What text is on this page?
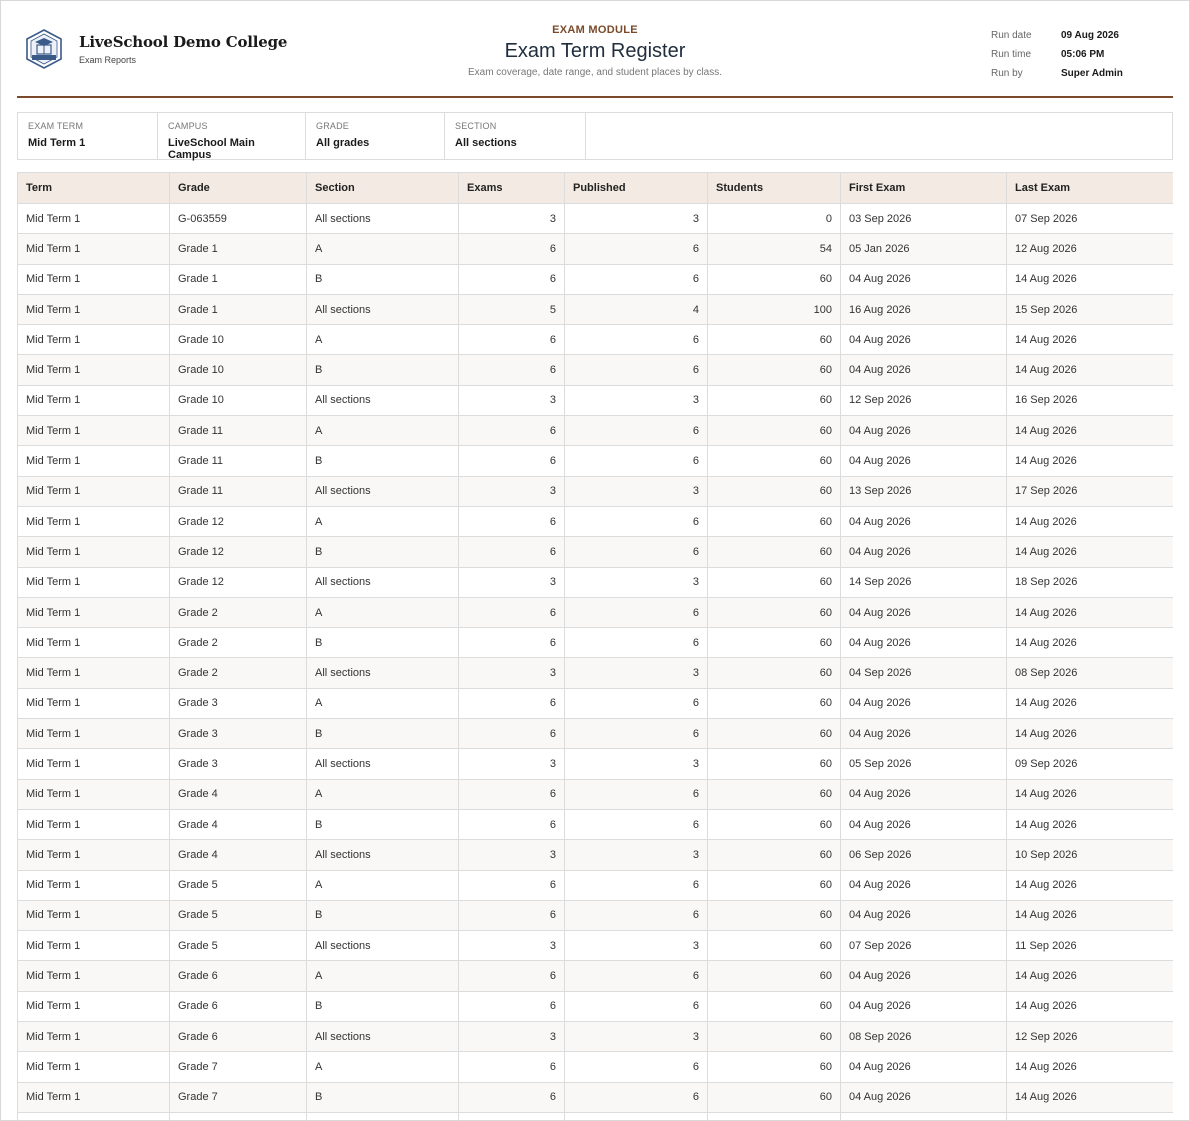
LiveSchool Demo College
Exam Reports
EXAM MODULE
Exam Term Register
Exam coverage, date range, and student places by class.
Run date	09 Aug 2026
Run time	05:06 PM
Run by	Super Admin
EXAM TERM
Mid Term 1
CAMPUS
LiveSchool Main Campus
GRADE
All grades
SECTION
All sections
Term	Grade	Section	Exams	Published	Students	First Exam	Last Exam
Mid Term 1	G-063559	All sections	3	3	0	03 Sep 2026	07 Sep 2026
Mid Term 1	Grade 1	A	6	6	54	05 Jan 2026	12 Aug 2026
Mid Term 1	Grade 1	B	6	6	60	04 Aug 2026	14 Aug 2026
Mid Term 1	Grade 1	All sections	5	4	100	16 Aug 2026	15 Sep 2026
Mid Term 1	Grade 10	A	6	6	60	04 Aug 2026	14 Aug 2026
Mid Term 1	Grade 10	B	6	6	60	04 Aug 2026	14 Aug 2026
Mid Term 1	Grade 10	All sections	3	3	60	12 Sep 2026	16 Sep 2026
Mid Term 1	Grade 11	A	6	6	60	04 Aug 2026	14 Aug 2026
Mid Term 1	Grade 11	B	6	6	60	04 Aug 2026	14 Aug 2026
Mid Term 1	Grade 11	All sections	3	3	60	13 Sep 2026	17 Sep 2026
Mid Term 1	Grade 12	A	6	6	60	04 Aug 2026	14 Aug 2026
Mid Term 1	Grade 12	B	6	6	60	04 Aug 2026	14 Aug 2026
Mid Term 1	Grade 12	All sections	3	3	60	14 Sep 2026	18 Sep 2026
Mid Term 1	Grade 2	A	6	6	60	04 Aug 2026	14 Aug 2026
Mid Term 1	Grade 2	B	6	6	60	04 Aug 2026	14 Aug 2026
Mid Term 1	Grade 2	All sections	3	3	60	04 Sep 2026	08 Sep 2026
Mid Term 1	Grade 3	A	6	6	60	04 Aug 2026	14 Aug 2026
Mid Term 1	Grade 3	B	6	6	60	04 Aug 2026	14 Aug 2026
Mid Term 1	Grade 3	All sections	3	3	60	05 Sep 2026	09 Sep 2026
Mid Term 1	Grade 4	A	6	6	60	04 Aug 2026	14 Aug 2026
Mid Term 1	Grade 4	B	6	6	60	04 Aug 2026	14 Aug 2026
Mid Term 1	Grade 4	All sections	3	3	60	06 Sep 2026	10 Sep 2026
Mid Term 1	Grade 5	A	6	6	60	04 Aug 2026	14 Aug 2026
Mid Term 1	Grade 5	B	6	6	60	04 Aug 2026	14 Aug 2026
Mid Term 1	Grade 5	All sections	3	3	60	07 Sep 2026	11 Sep 2026
Mid Term 1	Grade 6	A	6	6	60	04 Aug 2026	14 Aug 2026
Mid Term 1	Grade 6	B	6	6	60	04 Aug 2026	14 Aug 2026
Mid Term 1	Grade 6	All sections	3	3	60	08 Sep 2026	12 Sep 2026
Mid Term 1	Grade 7	A	6	6	60	04 Aug 2026	14 Aug 2026
Mid Term 1	Grade 7	B	6	6	60	04 Aug 2026	14 Aug 2026
